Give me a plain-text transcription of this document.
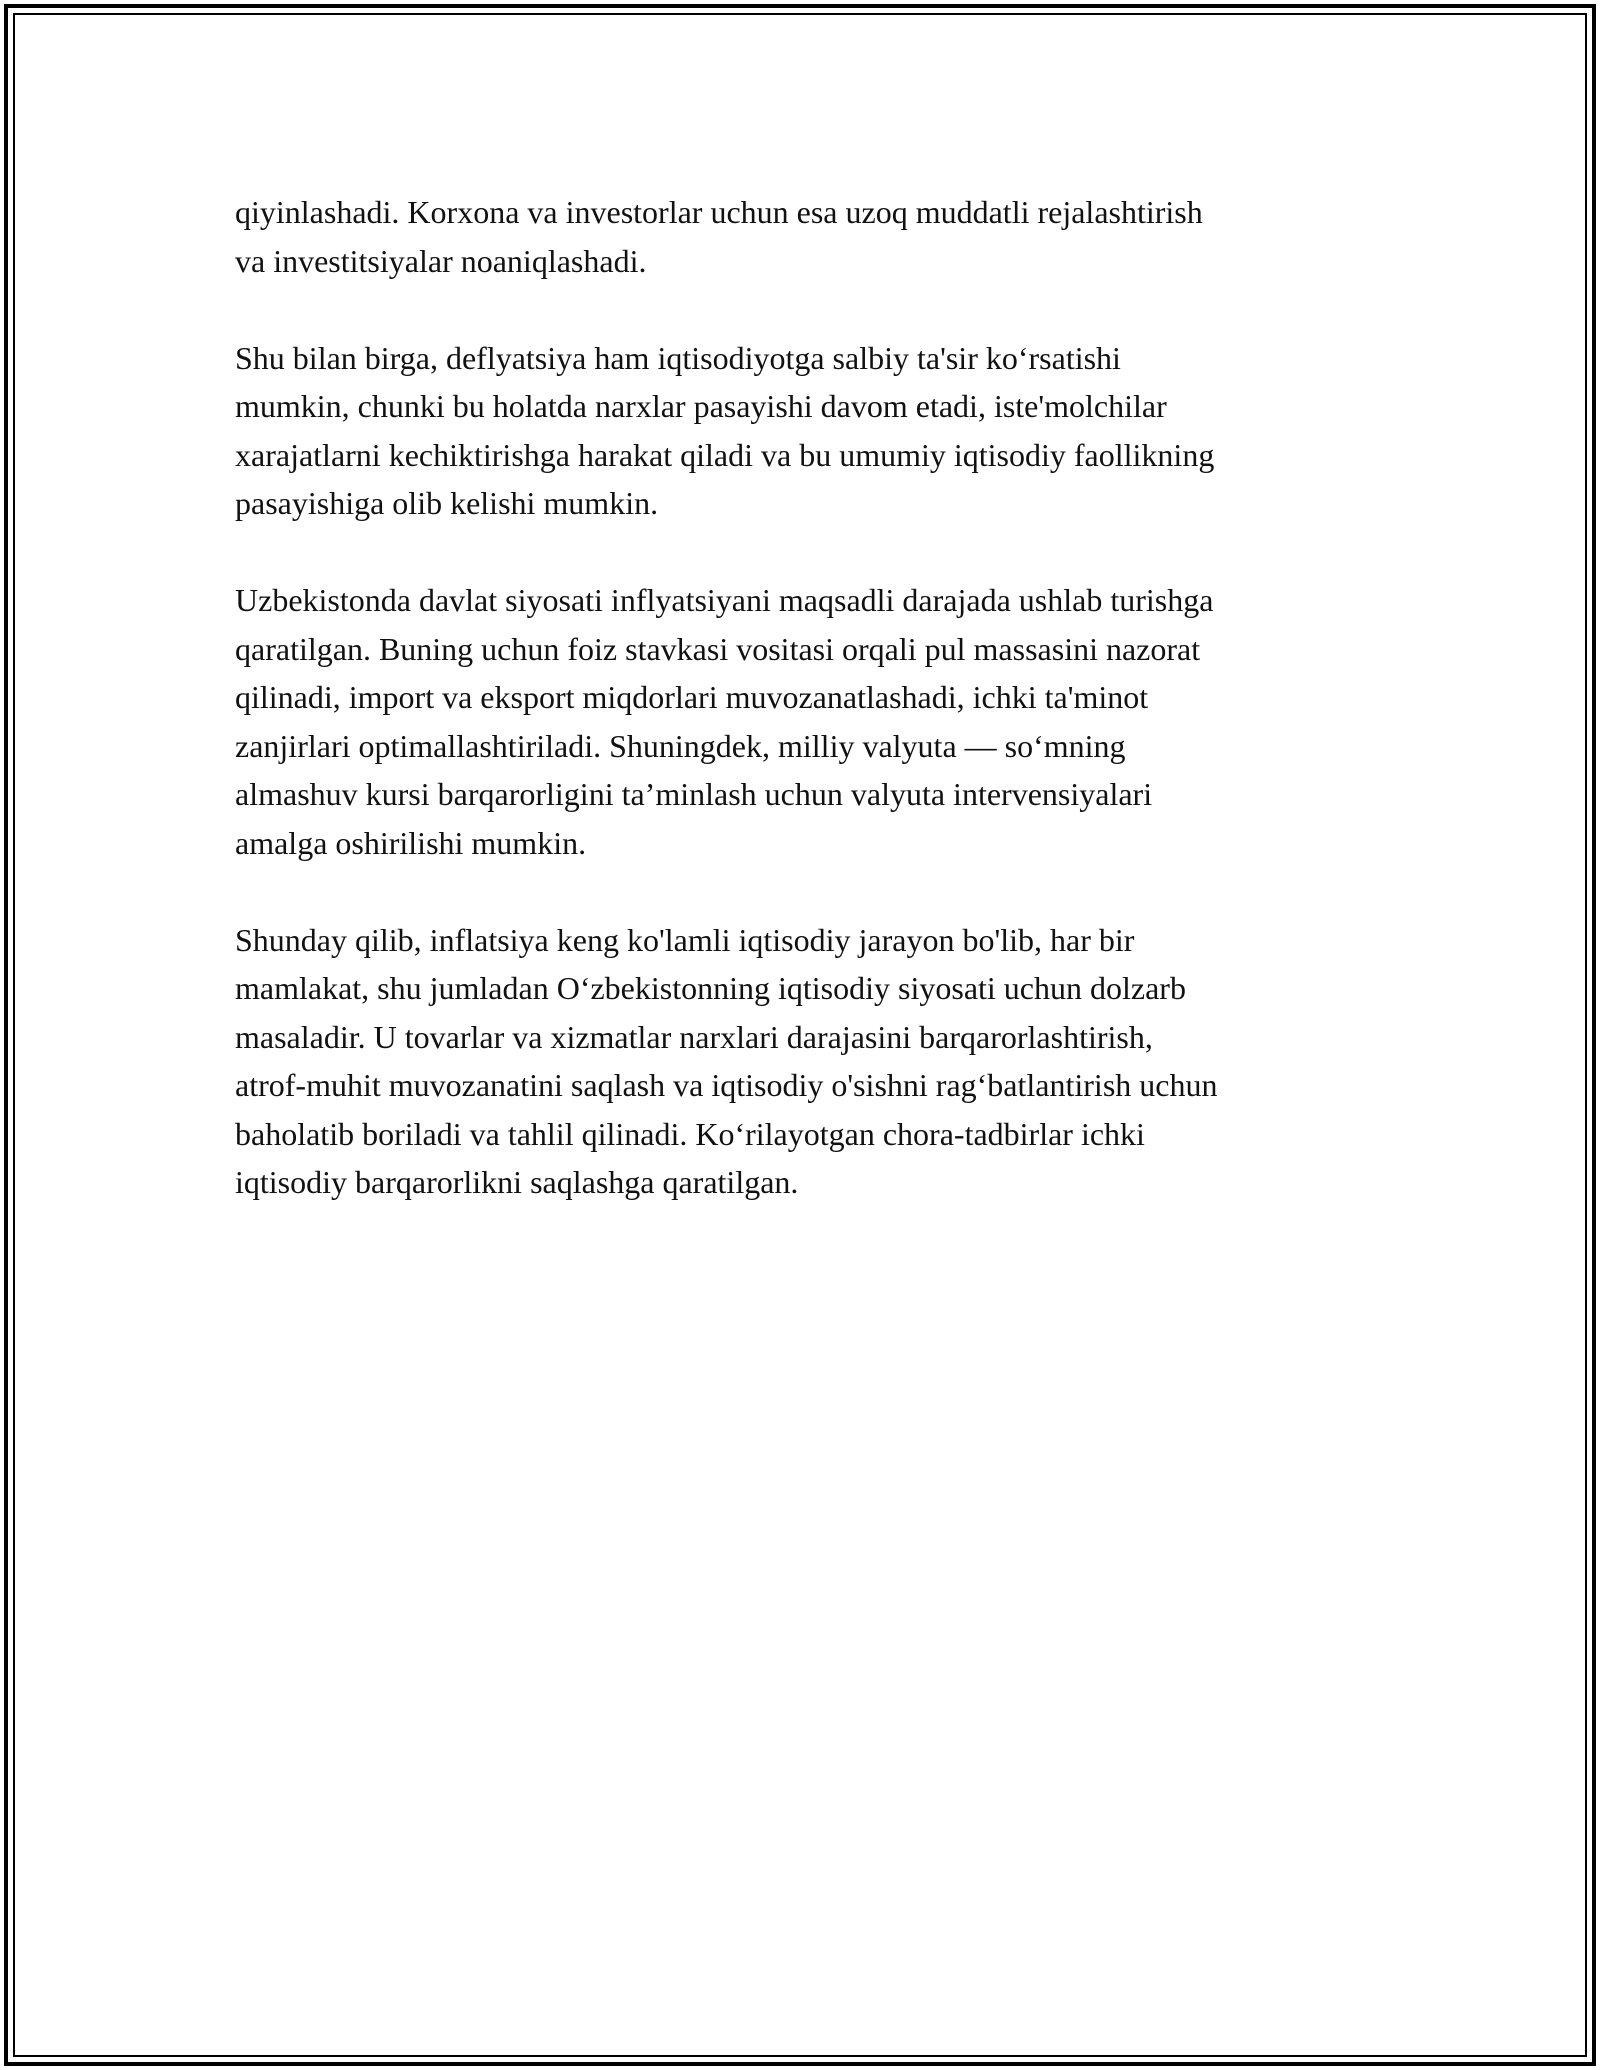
qiyinlashadi. Korxona va investorlar uchun esa uzoq muddatli rejalashtirish
va investitsiyalar noaniqlashadi.

Shu bilan birga, deflyatsiya ham iqtisodiyotga salbiy ta'sir koʻrsatishi
mumkin, chunki bu holatda narxlar pasayishi davom etadi, iste'molchilar
xarajatlarni kechiktirishga harakat qiladi va bu umumiy iqtisodiy faollikning
pasayishiga olib kelishi mumkin.

Uzbekistonda davlat siyosati inflyatsiyani maqsadli darajada ushlab turishga
qaratilgan. Buning uchun foiz stavkasi vositasi orqali pul massasini nazorat
qilinadi, import va eksport miqdorlari muvozanatlashadi, ichki ta'minot
zanjirlari optimallashtiriladi. Shuningdek, milliy valyuta — soʻmning
almashuv kursi barqarorligini ta’minlash uchun valyuta intervensiyalari
amalga oshirilishi mumkin.

Shunday qilib, inflatsiya keng ko'lamli iqtisodiy jarayon bo'lib, har bir
mamlakat, shu jumladan Oʻzbekistonning iqtisodiy siyosati uchun dolzarb
masaladir. U tovarlar va xizmatlar narxlari darajasini barqarorlashtirish,
atrof-muhit muvozanatini saqlash va iqtisodiy o'sishni ragʻbatlantirish uchun
baholatib boriladi va tahlil qilinadi. Koʻrilayotgan chora-tadbirlar ichki
iqtisodiy barqarorlikni saqlashga qaratilgan.
